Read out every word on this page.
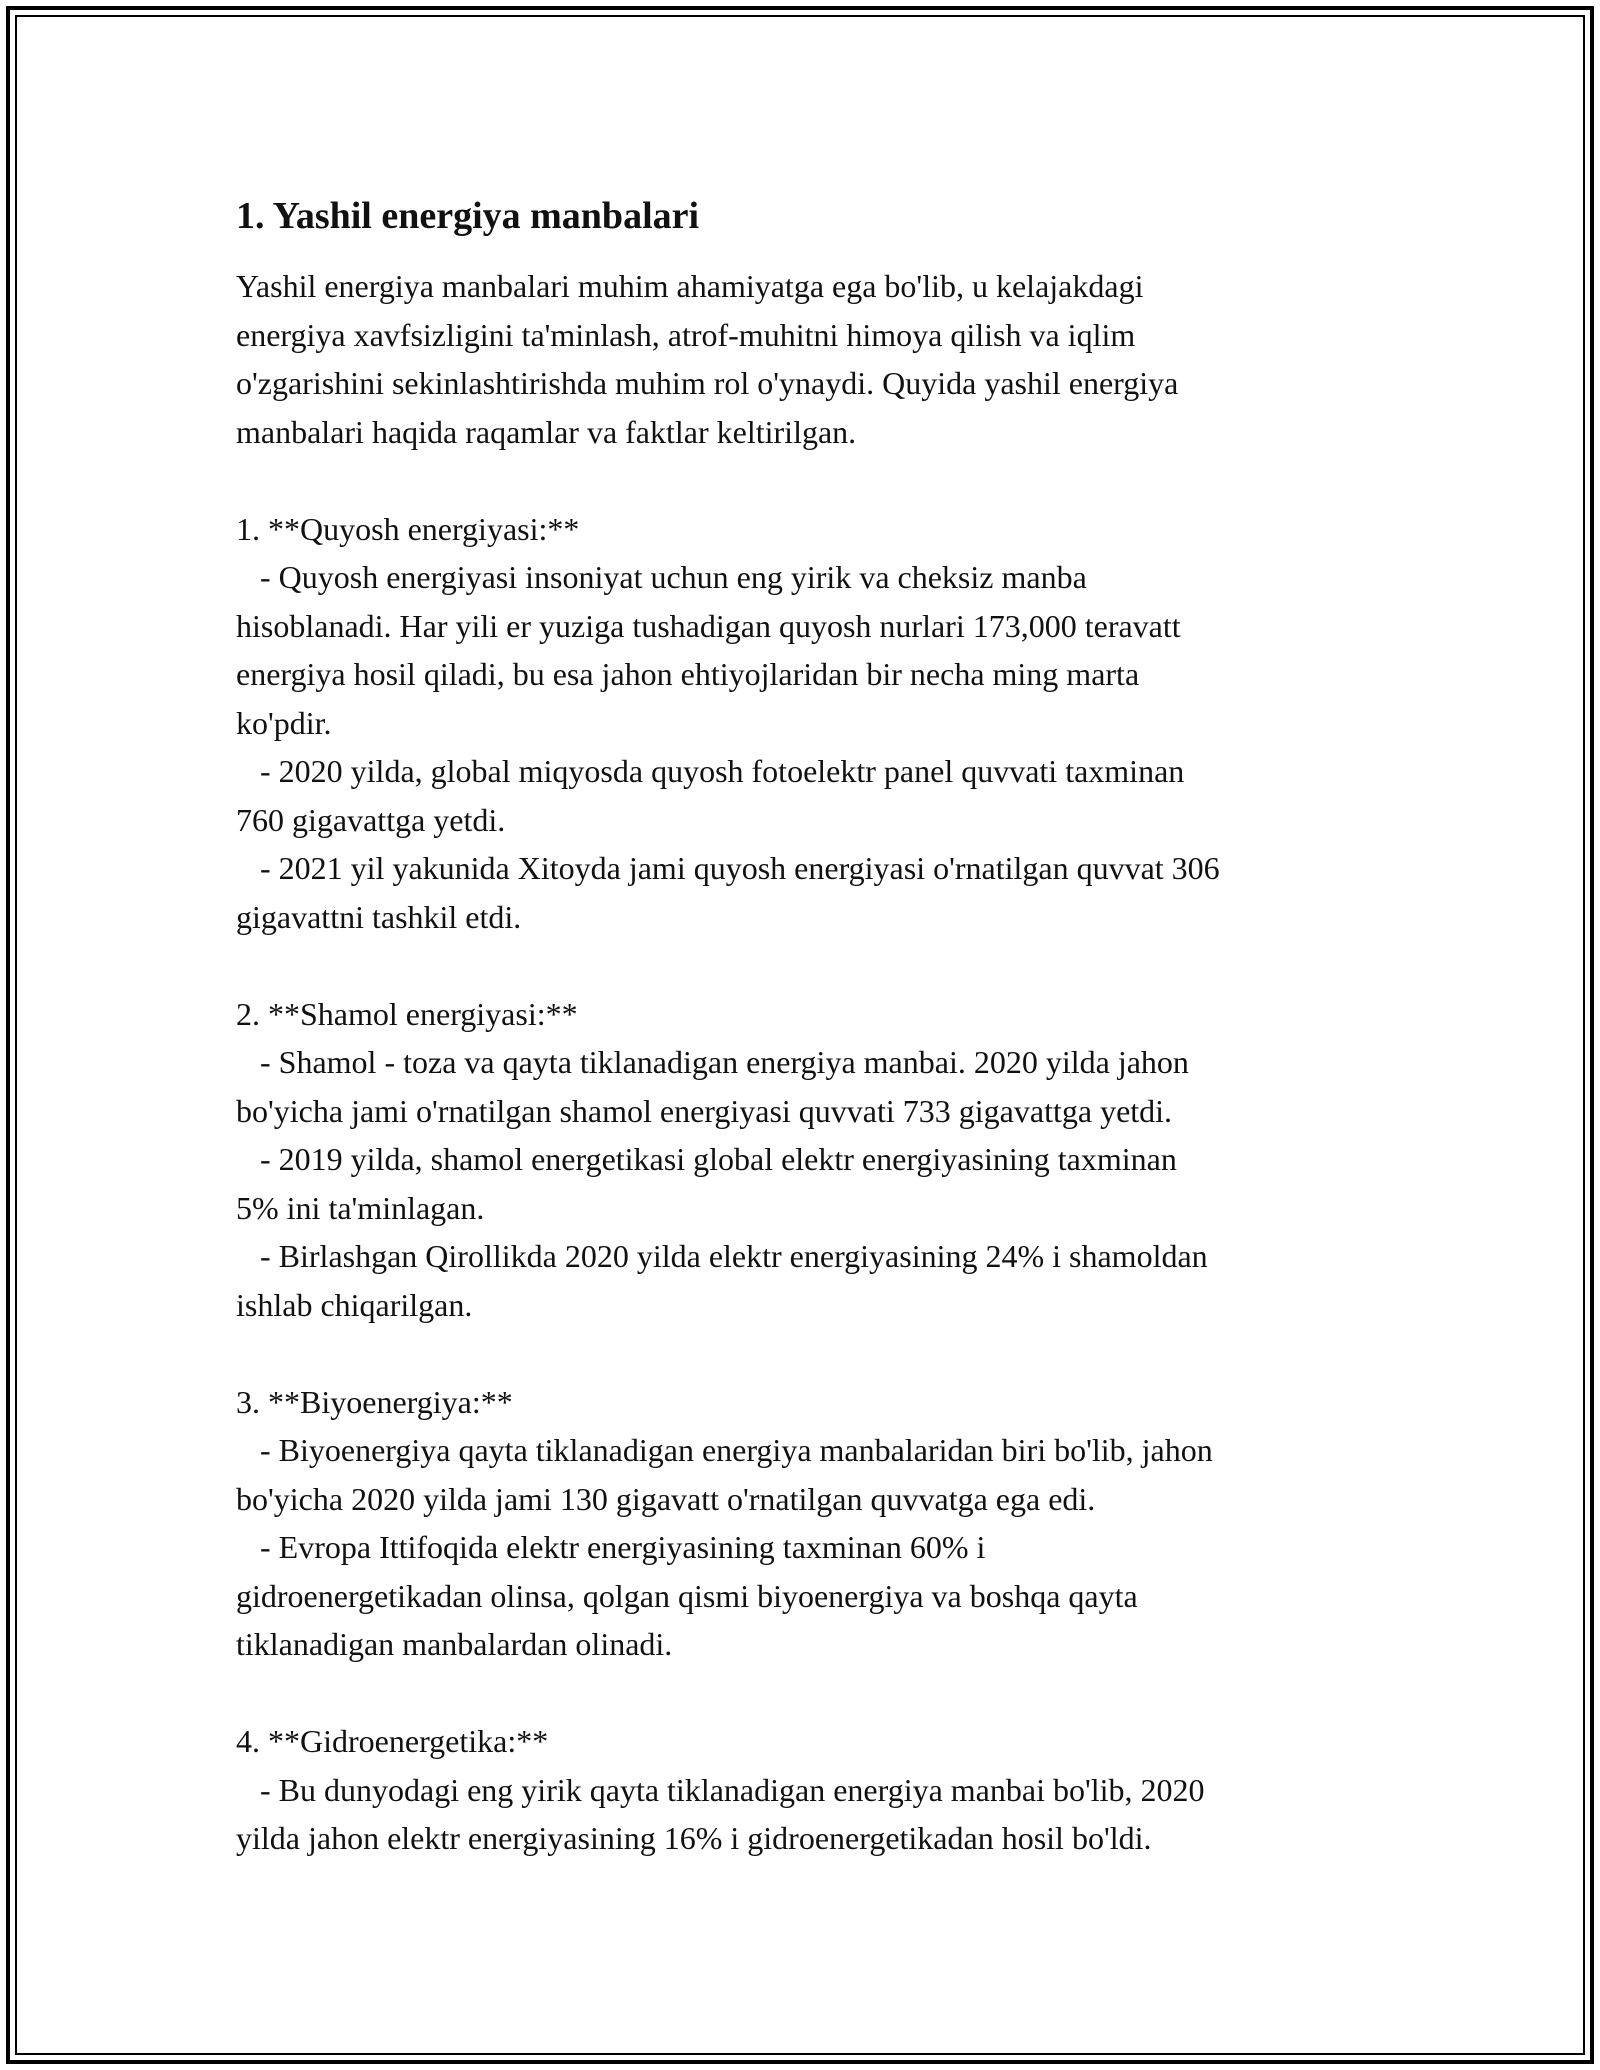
1. Yashil energiya manbalari
Yashil energiya manbalari muhim ahamiyatga ega bo'lib, u kelajakdagi
energiya xavfsizligini ta'minlash, atrof-muhitni himoya qilish va iqlim
o'zgarishini sekinlashtirishda muhim rol o'ynaydi. Quyida yashil energiya
manbalari haqida raqamlar va faktlar keltirilgan.

1. **Quyosh energiyasi:**
- Quyosh energiyasi insoniyat uchun eng yirik va cheksiz manba
hisoblanadi. Har yili er yuziga tushadigan quyosh nurlari 173,000 teravatt
energiya hosil qiladi, bu esa jahon ehtiyojlaridan bir necha ming marta
ko'pdir.
- 2020 yilda, global miqyosda quyosh fotoelektr panel quvvati taxminan
760 gigavattga yetdi.
- 2021 yil yakunida Xitoyda jami quyosh energiyasi o'rnatilgan quvvat 306
gigavattni tashkil etdi.

2. **Shamol energiyasi:**
- Shamol - toza va qayta tiklanadigan energiya manbai. 2020 yilda jahon
bo'yicha jami o'rnatilgan shamol energiyasi quvvati 733 gigavattga yetdi.
- 2019 yilda, shamol energetikasi global elektr energiyasining taxminan
5% ini ta'minlagan.
- Birlashgan Qirollikda 2020 yilda elektr energiyasining 24% i shamoldan
ishlab chiqarilgan.

3. **Biyoenergiya:**
- Biyoenergiya qayta tiklanadigan energiya manbalaridan biri bo'lib, jahon
bo'yicha 2020 yilda jami 130 gigavatt o'rnatilgan quvvatga ega edi.
- Evropa Ittifoqida elektr energiyasining taxminan 60% i
gidroenergetikadan olinsa, qolgan qismi biyoenergiya va boshqa qayta
tiklanadigan manbalardan olinadi.

4. **Gidroenergetika:**
- Bu dunyodagi eng yirik qayta tiklanadigan energiya manbai bo'lib, 2020
yilda jahon elektr energiyasining 16% i gidroenergetikadan hosil bo'ldi.
